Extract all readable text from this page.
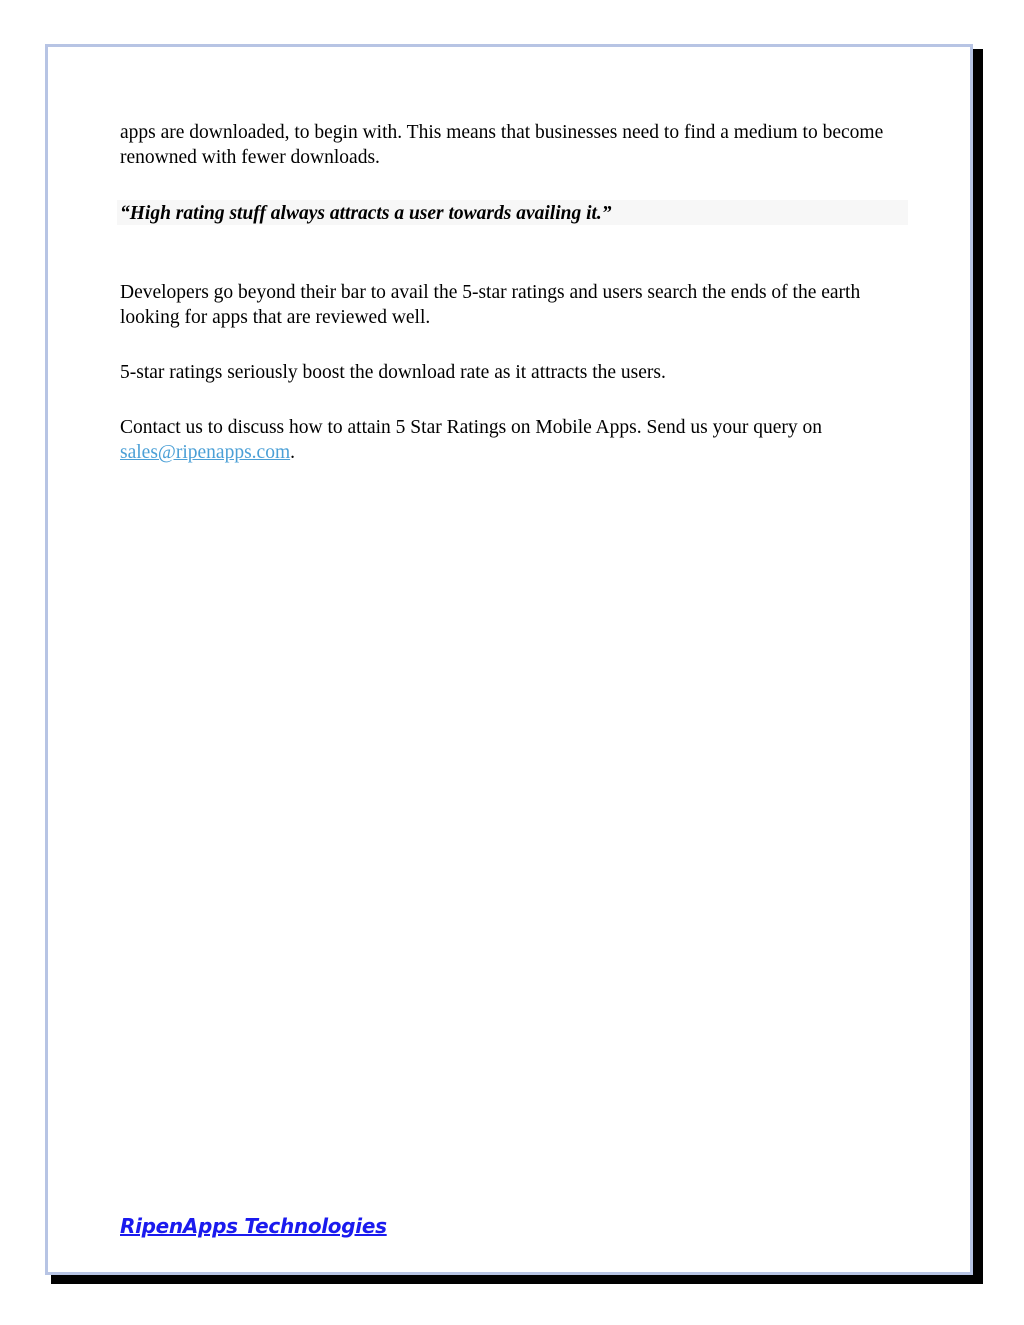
apps are downloaded, to begin with. This means that businesses need to find a medium to become renowned with fewer downloads.

“High rating stuff always attracts a user towards availing it.”

Developers go beyond their bar to avail the 5-star ratings and users search the ends of the earth looking for apps that are reviewed well.

5-star ratings seriously boost the download rate as it attracts the users.

Contact us to discuss how to attain 5 Star Ratings on Mobile Apps. Send us your query on sales@ripenapps.com.

RipenApps Technologies
